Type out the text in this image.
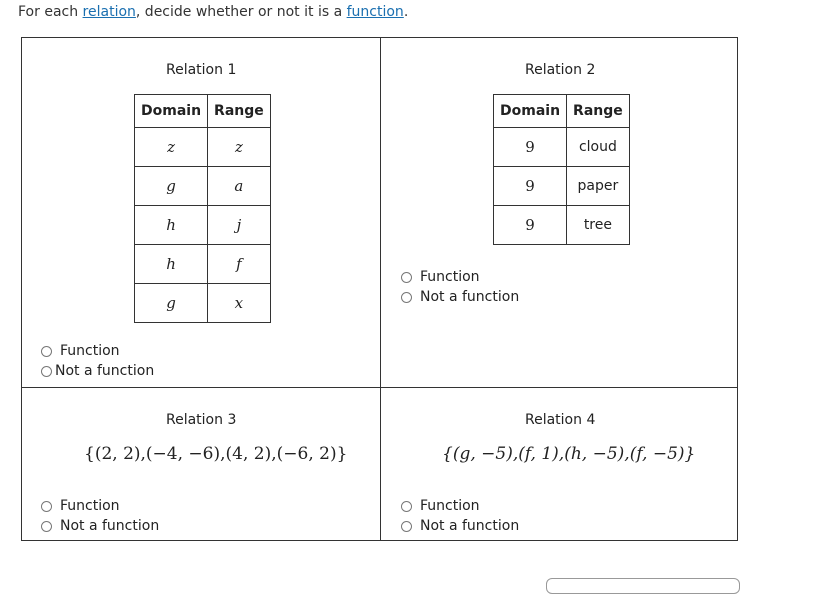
For each relation, decide whether or not it is a function.
Relation 1
Domain	Range
z	z
g	a
h	j
h	f
g	x
Function
Not a function
Relation 2
Domain	Range
9	cloud
9	paper
9	tree
Function
Not a function
Relation 3
{(2, 2),(−4, −6),(4, 2),(−6, 2)}
Function
Not a function
Relation 4
{(g, −5),(f, 1),(h, −5),(f, −5)}
Function
Not a function
